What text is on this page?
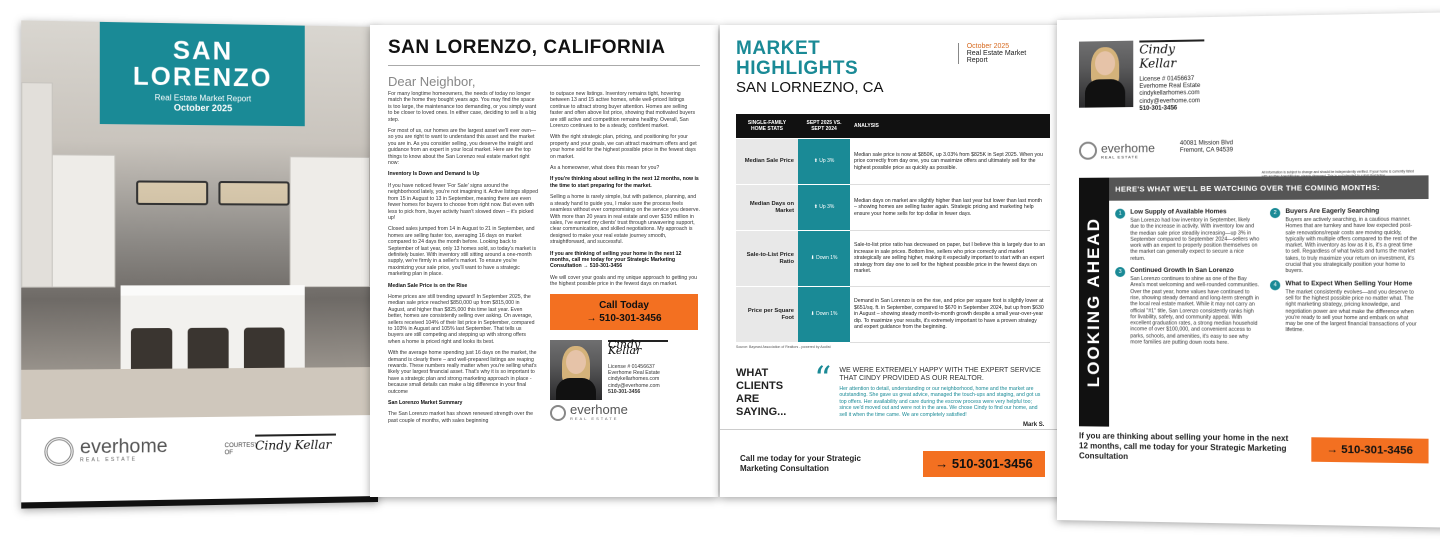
SAN LORENZO
Real Estate Market Report
October 2025
everhome
REAL ESTATE
COURTESY OF
Cindy Kellar
SAN LORENZO, CALIFORNIA
Dear Neighbor,

For many longtime homeowners, the needs of today no longer match the home they bought years ago. You may find the space is too large, the maintenance too demanding, or you simply want to be closer to loved ones. In either case, deciding to sell is a big step.

For most of us, our homes are the largest asset we'll ever own—so you are right to want to understand this asset and the market you are in. As you consider selling, you deserve the insight and guidance from an expert in your local market. Here are the top things to know about the San Lorenzo real estate market right now:

Inventory Is Down and Demand Is Up

If you have noticed fewer 'For Sale' signs around the neighborhood lately, you're not imagining it. Active listings slipped from 15 in August to 13 in September, meaning there are even fewer homes for buyers to choose from right now. But even with less to pick from, buyer activity hasn't slowed down – it's picked up!

Closed sales jumped from 14 in August to 21 in September, and homes are selling faster too, averaging 16 days on market compared to 24 days the month before. Looking back to September of last year, only 13 homes sold, so today's market is definitely busier. With inventory still sitting around a one-month supply, we're firmly in a seller's market. To ensure you're maximizing your sale price, you'll want to have a strategic marketing plan in place.

Median Sale Price is on the Rise

Home prices are still trending upward! In September 2025, the median sale price reached $850,000 up from $815,000 in August, and higher than $825,000 this time last year. Even better, homes are consistently selling over asking. On average, sellers received 104% of their list price in September, compared to 103% in August and 105% last September. That tells us buyers are still competing and stepping up with strong offers when a home is priced right and looks its best.

With the average home spending just 16 days on the market, the demand is clearly there – and well-prepared listings are reaping rewards. These numbers really matter when you're selling what's likely your largest financial asset. That's why it is so important to have a strategic plan and strong marketing approach in place - because small details can make a big difference in your final outcome

San Lorenzo Market Summary

The San Lorenzo market has shown renewed strength over the past couple of months, with sales beginning

to outpace new listings. Inventory remains tight, hovering between 13 and 15 active homes, while well-priced listings continue to attract strong buyer attention. Homes are selling faster and often above list price, showing that motivated buyers are still active and competition remains healthy. Overall, San Lorenzo continues to be a steady, confident market.

With the right strategic plan, pricing, and positioning for your property and your goals, we can attract maximum offers and get your home sold for the highest possible price in the fewest days on market.

As a homeowner, what does this mean for you?

If you're thinking about selling in the next 12 months, now is the time to start preparing for the market.

Selling a home is rarely simple, but with patience, planning, and a steady hand to guide you, I make sure the process feels seamless without ever compromising on the service you deserve. With more than 20 years in real estate and over $150 million in sales, I've earned my clients' trust through unwavering support, clear communication, and skilled negotiations. My approach is designed to make your real estate journey smooth, straightforward, and successful.

If you are thinking of selling your home in the next 12 months, call me today for your Strategic Marketing Consultation → 510-301-3456

We will cover your goals and my unique approach to getting you the highest possible price in the fewest days on market.

Call Today
→ 510-301-3456
Cindy Kellar
License # 01456637
Everhome Real Estate
cindykellarhomes.com
cindy@everhome.com
510-301-3456
everhome
REAL ESTATE
MARKET HIGHLIGHTS
SAN LORNEZNO, CA
October 2025
Real Estate Market Report
SINGLE-FAMILY HOME STATS	SEPT 2025 VS. SEPT 2024	ANALYSIS
Median Sale Price	⬆ Up 3%	Median sale price is now at $850K, up 3.03% from $825K in Sept 2025. When you price correctly from day one, you can maximize offers and ultimately sell for the highest possible price as quickly as possible.
Median Days on Market	⬆ Up 3%	Median days on market are slightly higher than last year but lower than last month – showing homes are selling faster again. Strategic pricing and marketing help ensure your home sells for top dollar in fewer days.
Sale-to-List Price Ratio	⬇ Down 1%	Sale-to-list price ratio has decreased on paper, but I believe this is largely due to an increase in sale prices. Bottom line, sellers who price correctly and market strategically are selling higher, making it especially important to start with an expert strategy from day one to sell for the highest possible price in the fewest days on market.
Price per Square Foot	⬇ Down 1%	Demand in San Lorenzo is on the rise, and price per square foot is slightly lower at $651/sq. ft. in September, compared to $670 in September 2024, but up from $630 in August – showing steady month-to-month growth despite a small year-over-year dip. To maximize your results, it's extremely important to have a proven strategy and expert guidance from the beginning.
Source: Bayeast Association of Realtors - powered by Acolist
WHAT CLIENTS ARE SAYING...
“ WE WERE EXTREMELY HAPPY WITH THE EXPERT SERVICE THAT CINDY PROVIDED AS OUR REALTOR.
Her attention to detail, understanding or our neighborhood, home and the market are outstanding. She gave us great advice, managed the touch-ups and staging, and got us top offers. Her availability and care during the escrow process were very helpful too; since we'd moved out and were not in the area. We chose Cindy to find our home, and sell it when the time came. We are completely satisfied!
Mark S.
Call me today for your Strategic Marketing Consultation	→ 510-301-3456
Cindy Kellar
License # 01456637
Everhome Real Estate
cindykellarhomes.com
cindy@everhome.com
510-301-3456
everhome
REAL ESTATE
40081 Mission Blvd
Fremont, CA 94539
All information is subject to change and should be independently verified. If your home is currently listed
LOOKING AHEAD
HERE'S WHAT WE'LL BE WATCHING OVER THE COMING MONTHS:
1	Low Supply of Available Homes
San Lorenzo had low inventory in September, likely due to the increase in activity. With inventory low and the median sale price steadily increasing—up 3% in September compared to September 2024—sellers who work with an expert to properly position themselves on the market can generally expect to secure a nice return.
3	Continued Growth In San Lorenzo
San Lorenzo continues to shine as one of the Bay Area's most welcoming and well-rounded communities. Over the past year, home values have continued to rise, showing steady demand and long-term strength in the local real estate market. While it may not carry an official "#1" title, San Lorenzo consistently ranks high for livability, safety, and community appeal. With excellent graduation rates, a strong median household income of over $100,000, and convenient access to parks, schools, and amenities, it's easy to see why more families are putting down roots here.
2	Buyers Are Eagerly Searching
Buyers are actively searching, in a cautious manner. Homes that are turnkey and have low expected post-sale renovations/repair costs are moving quickly, typically with multiple offers compared to the rest of the market. With inventory as low as it is, it's a great time to sell. Regardless of what twists and turns the market takes, to truly maximize your return on investment, it's crucial that you strategically position your home to buyers.
4	What to Expect When Selling Your Home
The market consistently evolves—and you deserve to sell for the highest possible price no matter what. The right marketing strategy, pricing knowledge, and negotiation power are what make the difference when you're ready to sell your home and embark on what may be one of the largest financial transactions of your lifetime.
If you are thinking about selling your home in the next 12 months, call me today for your Strategic Marketing Consultation	→ 510-301-3456
